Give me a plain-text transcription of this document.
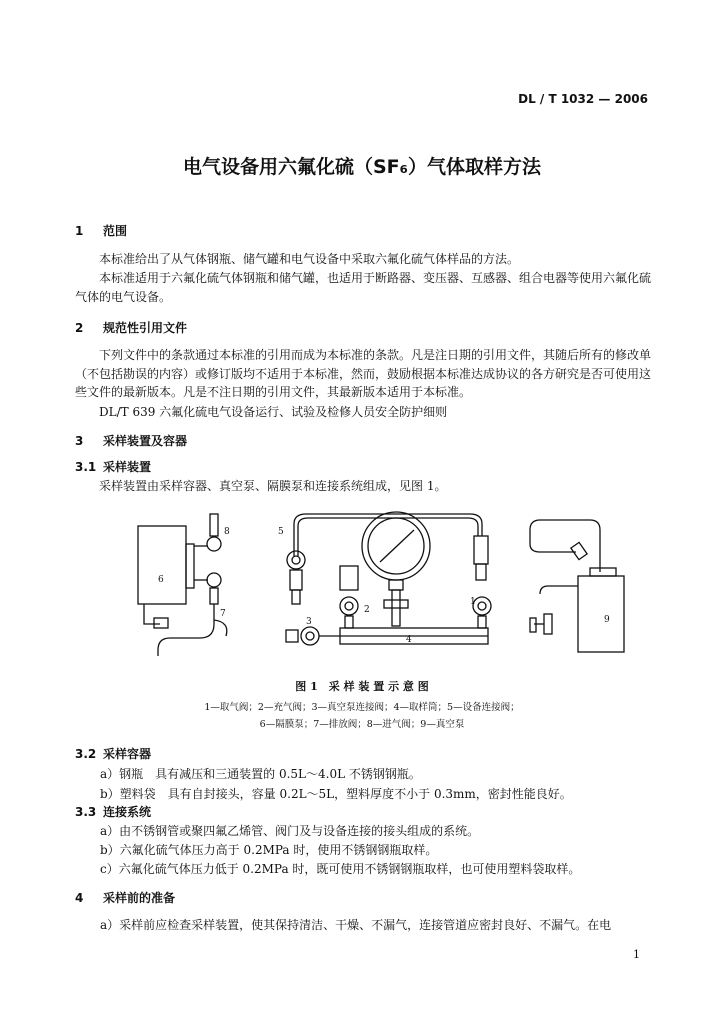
DL / T 1032 — 2006
电气设备用六氟化硫（SF₆）气体取样方法
1 范围
本标准给出了从气体钢瓶、储气罐和电气设备中采取六氟化硫气体样品的方法。
本标准适用于六氟化硫气体钢瓶和储气罐，也适用于断路器、变压器、互感器、组合电器等使用六氟化硫气体的电气设备。
2 规范性引用文件
下列文件中的条款通过本标准的引用而成为本标准的条款。凡是注日期的引用文件，其随后所有的修改单（不包括勘误的内容）或修订版均不适用于本标准，然而，鼓励根据本标准达成协议的各方研究是否可使用这些文件的最新版本。凡是不注日期的引用文件，其最新版本适用于本标准。
DL/T 639 六氟化硫电气设备运行、试验及检修人员安全防护细则
3 采样装置及容器
3.1 采样装置
采样装置由采样容器、真空泵、隔膜泵和连接系统组成，见图 1。
8
6
7
5
2
3
4
1
9
图 1　采 样 装 置 示 意 图
1—取气阀；2—充气阀；3—真空泵连接阀；4—取样筒；5—设备连接阀；
6—隔膜泵；7—排放阀；8—进气阀；9—真空泵
3.2 采样容器
a）钢瓶　具有减压和三通装置的 0.5L～4.0L 不锈钢钢瓶。
b）塑料袋　具有自封接头，容量 0.2L～5L，塑料厚度不小于 0.3mm，密封性能良好。
3.3 连接系统
a）由不锈钢管或聚四氟乙烯管、阀门及与设备连接的接头组成的系统。
b）六氟化硫气体压力高于 0.2MPa 时，使用不锈钢钢瓶取样。
c）六氟化硫气体压力低于 0.2MPa 时，既可使用不锈钢钢瓶取样，也可使用塑料袋取样。
4 采样前的准备
a）采样前应检查采样装置，使其保持清洁、干燥、不漏气，连接管道应密封良好、不漏气。在电
1
